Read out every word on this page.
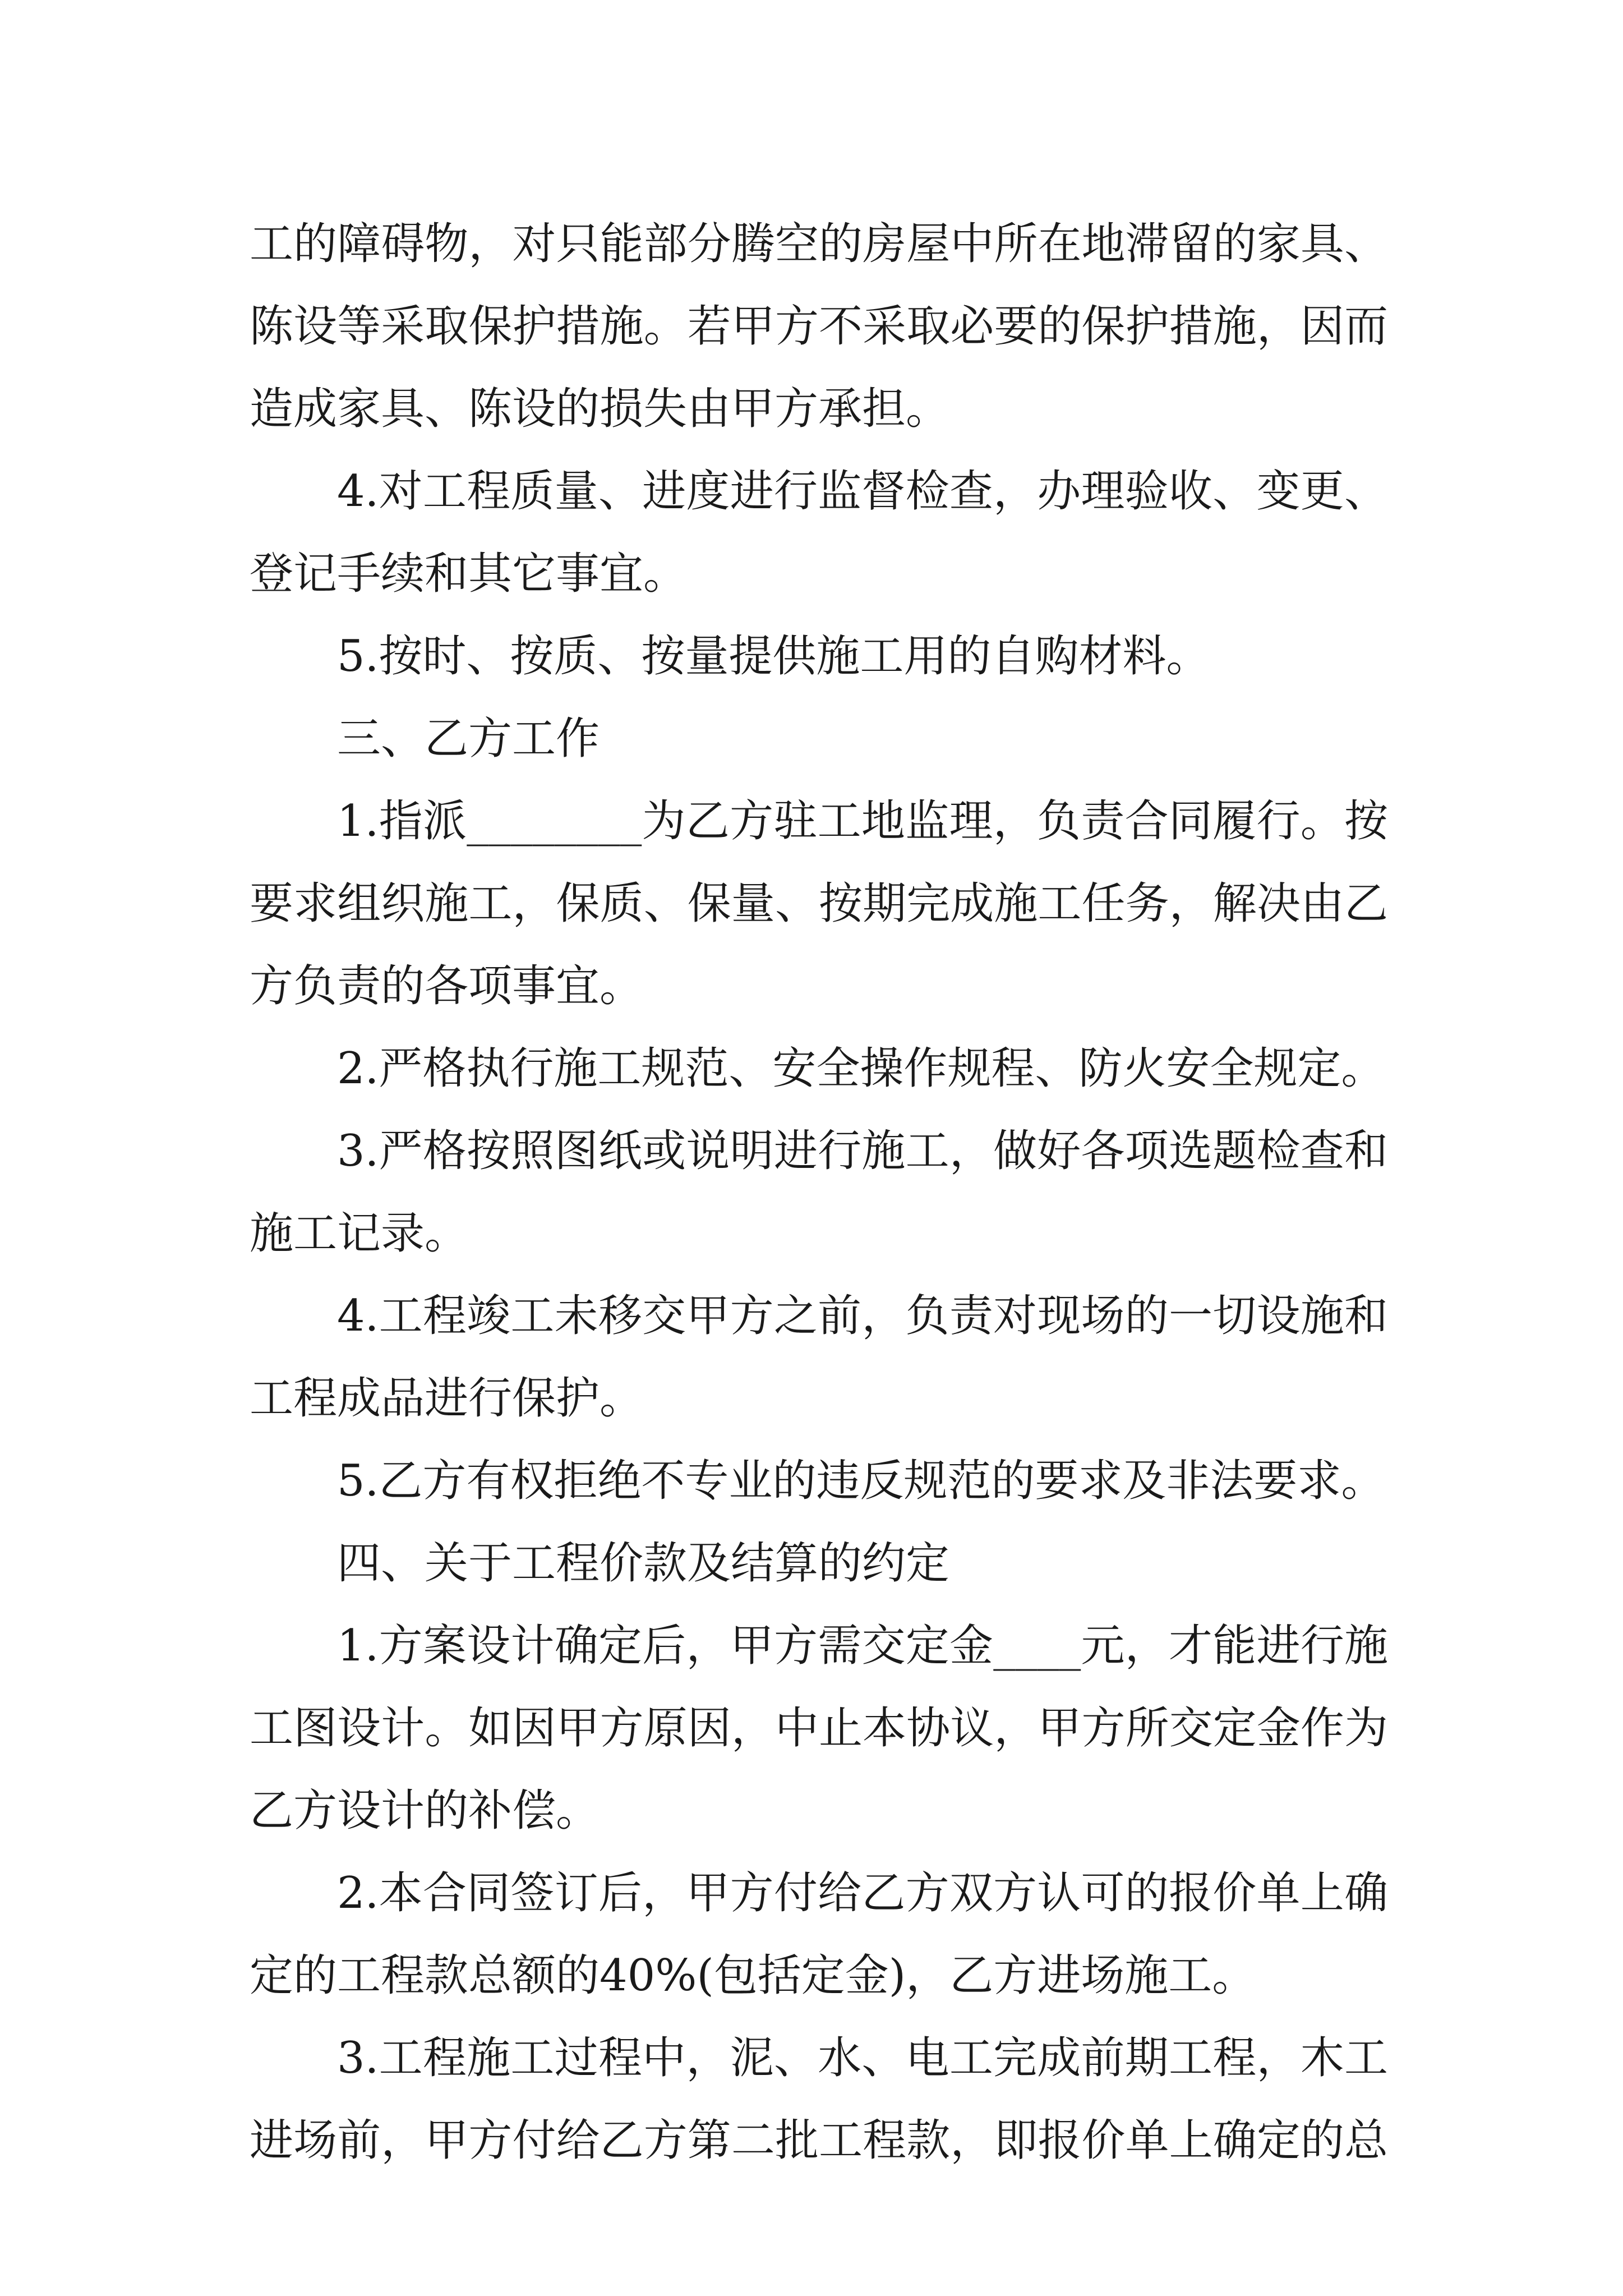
工的障碍物，对只能部分腾空的房屋中所在地滞留的家具、
陈设等采取保护措施。若甲方不采取必要的保护措施，因而
造成家具、陈设的损失由甲方承担。
4.对工程质量、进度进行监督检查，办理验收、变更、
登记手续和其它事宜。
5.按时、按质、按量提供施工用的自购材料。
三、乙方工作
1.指派________为乙方驻工地监理，负责合同履行。按
要求组织施工，保质、保量、按期完成施工任务，解决由乙
方负责的各项事宜。
2.严格执行施工规范、安全操作规程、防火安全规定。
3.严格按照图纸或说明进行施工，做好各项选题检查和
施工记录。
4.工程竣工未移交甲方之前，负责对现场的一切设施和
工程成品进行保护。
5.乙方有权拒绝不专业的违反规范的要求及非法要求。
四、关于工程价款及结算的约定
1.方案设计确定后，甲方需交定金____元，才能进行施
工图设计。如因甲方原因，中止本协议，甲方所交定金作为
乙方设计的补偿。
2.本合同签订后，甲方付给乙方双方认可的报价单上确
定的工程款总额的40%(包括定金)，乙方进场施工。
3.工程施工过程中，泥、水、电工完成前期工程，木工
进场前，甲方付给乙方第二批工程款，即报价单上确定的总
